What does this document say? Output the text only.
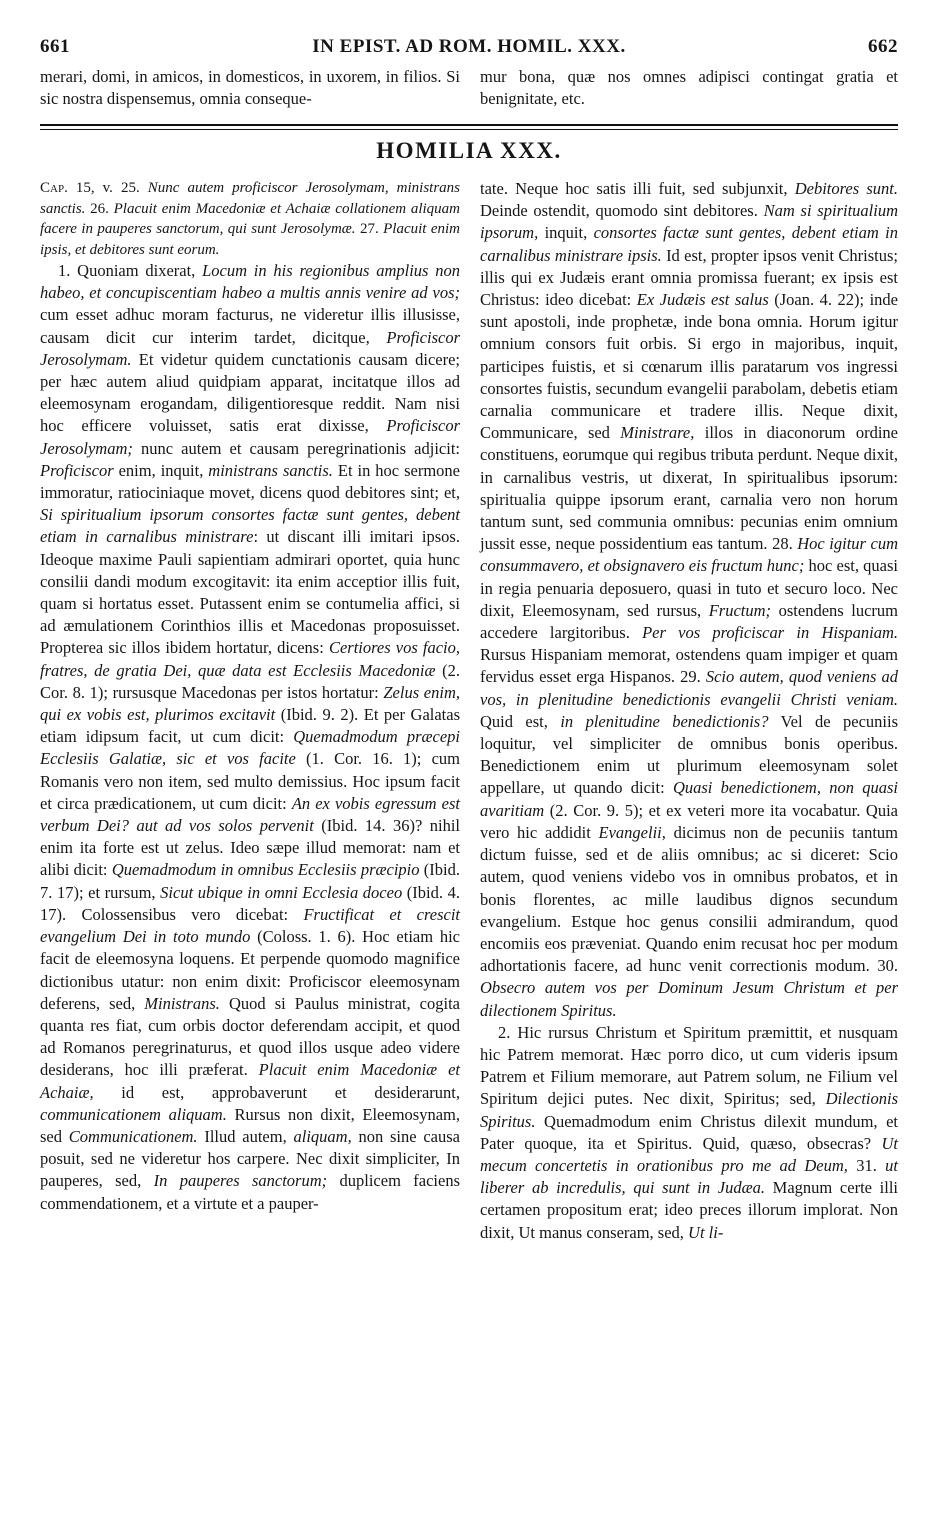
661	IN EPIST. AD ROM. HOMIL. XXX.	662
merari, domi, in amicos, in domesticos, in uxorem, in filios. Si sic nostra dispensemus, omnia conseque-
mur bona, quæ nos omnes adipisci contingat gratia et benignitate, etc.
HOMILIA XXX.

Cap. 15, v. 25. Nunc autem proficiscor Jerosolymam, ministrans sanctis. 26. Placuit enim Macedoniæ et Achaiæ collationem aliquam facere in pauperes sanctorum, qui sunt Jerosolymæ. 27. Placuit enim ipsis, et debitores sunt eorum.

1. Quoniam dixerat, Locum in his regionibus amplius non habeo, et concupiscentiam habeo a multis annis venire ad vos; cum esset adhuc moram facturus, ne videretur illis illusisse, causam dicit cur interim tardet, dicitque, Proficiscor Jerosolymam. Et videtur quidem cunctationis causam dicere; per hæc autem aliud quidpiam apparat, incitatque illos ad eleemosynam erogandam, diligentioresque reddit. Nam nisi hoc efficere voluisset, satis erat dixisse, Proficiscor Jerosolymam; nunc autem et causam peregrinationis adjicit: Proficiscor enim, inquit, ministrans sanctis. Et in hoc sermone immoratur, ratiociniaque movet, dicens quod debitores sint; et, Si spiritualium ipsorum consortes factæ sunt gentes, debent etiam in carnalibus ministrare: ut discant illi imitari ipsos. Ideoque maxime Pauli sapientiam admirari oportet, quia hunc consilii dandi modum excogitavit: ita enim acceptior illis fuit, quam si hortatus esset. Putassent enim se contumelia affici, si ad æmulationem Corinthios illis et Macedonas proposuisset. Propterea sic illos ibidem hortatur, dicens: Certiores vos facio, fratres, de gratia Dei, quæ data est Ecclesiis Macedoniæ (2. Cor. 8. 1); rursusque Macedonas per istos hortatur: Zelus enim, qui ex vobis est, plurimos excitavit (Ibid. 9. 2). Et per Galatas etiam idipsum facit, ut cum dicit: Quemadmodum præcepi Ecclesiis Galatiæ, sic et vos facite (1. Cor. 16. 1); cum Romanis vero non item, sed multo demissius. Hoc ipsum facit et circa prædicationem, ut cum dicit: An ex vobis egressum est verbum Dei? aut ad vos solos pervenit (Ibid. 14. 36)? nihil enim ita forte est ut zelus. Ideo sæpe illud memorat: nam et alibi dicit: Quemadmodum in omnibus Ecclesiis præcipio (Ibid. 7. 17); et rursum, Sicut ubique in omni Ecclesia doceo (Ibid. 4. 17). Colossensibus vero dicebat: Fructificat et crescit evangelium Dei in toto mundo (Coloss. 1. 6). Hoc etiam hic facit de eleemosyna loquens. Et perpende quomodo magnifice dictionibus utatur: non enim dixit: Proficiscor eleemosynam deferens, sed, Ministrans. Quod si Paulus ministrat, cogita quanta res fiat, cum orbis doctor deferendam accipit, et quod ad Romanos peregrinaturus, et quod illos usque adeo videre desiderans, hoc illi præferat. Placuit enim Macedoniæ et Achaiæ, id est, approbaverunt et desiderarunt, communicationem aliquam. Rursus non dixit, Eleemosynam, sed Communicationem. Illud autem, aliquam, non sine causa posuit, sed ne videretur hos carpere. Nec dixit simpliciter, In pauperes, sed, In pauperes sanctorum; duplicem faciens commendationem, et a virtute et a pauper-

tate. Neque hoc satis illi fuit, sed subjunxit, Debitores sunt. Deinde ostendit, quomodo sint debitores. Nam si spiritualium ipsorum, inquit, consortes factæ sunt gentes, debent etiam in carnalibus ministrare ipsis. Id est, propter ipsos venit Christus; illis qui ex Judæis erant omnia promissa fuerant; ex ipsis est Christus: ideo dicebat: Ex Judæis est salus (Joan. 4. 22); inde sunt apostoli, inde prophetæ, inde bona omnia. Horum igitur omnium consors fuit orbis. Si ergo in majoribus, inquit, participes fuistis, et si cœnarum illis paratarum vos ingressi consortes fuistis, secundum evangelii parabolam, debetis etiam carnalia communicare et tradere illis. Neque dixit, Communicare, sed Ministrare, illos in diaconorum ordine constituens, eorumque qui regibus tributa perdunt. Neque dixit, in carnalibus vestris, ut dixerat, In spiritualibus ipsorum: spiritualia quippe ipsorum erant, carnalia vero non horum tantum sunt, sed communia omnibus: pecunias enim omnium jussit esse, neque possidentium eas tantum. 28. Hoc igitur cum consummavero, et obsignavero eis fructum hunc; hoc est, quasi in regia penuaria deposuero, quasi in tuto et securo loco. Nec dixit, Eleemosynam, sed rursus, Fructum; ostendens lucrum accedere largitoribus. Per vos proficiscar in Hispaniam. Rursus Hispaniam memorat, ostendens quam impiger et quam fervidus esset erga Hispanos. 29. Scio autem, quod veniens ad vos, in plenitudine benedictionis evangelii Christi veniam. Quid est, in plenitudine benedictionis? Vel de pecuniis loquitur, vel simpliciter de omnibus bonis operibus. Benedictionem enim ut plurimum eleemosynam solet appellare, ut quando dicit: Quasi benedictionem, non quasi avaritiam (2. Cor. 9. 5); et ex veteri more ita vocabatur. Quia vero hic addidit Evangelii, dicimus non de pecuniis tantum dictum fuisse, sed et de aliis omnibus; ac si diceret: Scio autem, quod veniens videbo vos in omnibus probatos, et in bonis florentes, ac mille laudibus dignos secundum evangelium. Estque hoc genus consilii admirandum, quod encomiis eos præveniat. Quando enim recusat hoc per modum adhortationis facere, ad hunc venit correctionis modum. 30. Obsecro autem vos per Dominum Jesum Christum et per dilectionem Spiritus.

2. Hic rursus Christum et Spiritum præmittit, et nusquam hic Patrem memorat. Hæc porro dico, ut cum videris ipsum Patrem et Filium memorare, aut Patrem solum, ne Filium vel Spiritum dejici putes. Nec dixit, Spiritus; sed, Dilectionis Spiritus. Quemadmodum enim Christus dilexit mundum, et Pater quoque, ita et Spiritus. Quid, quæso, obsecras? Ut mecum concertetis in orationibus pro me ad Deum, 31. ut liberer ab incredulis, qui sunt in Judæa. Magnum certe illi certamen propositum erat; ideo preces illorum implorat. Non dixit, Ut manus conseram, sed, Ut li-
